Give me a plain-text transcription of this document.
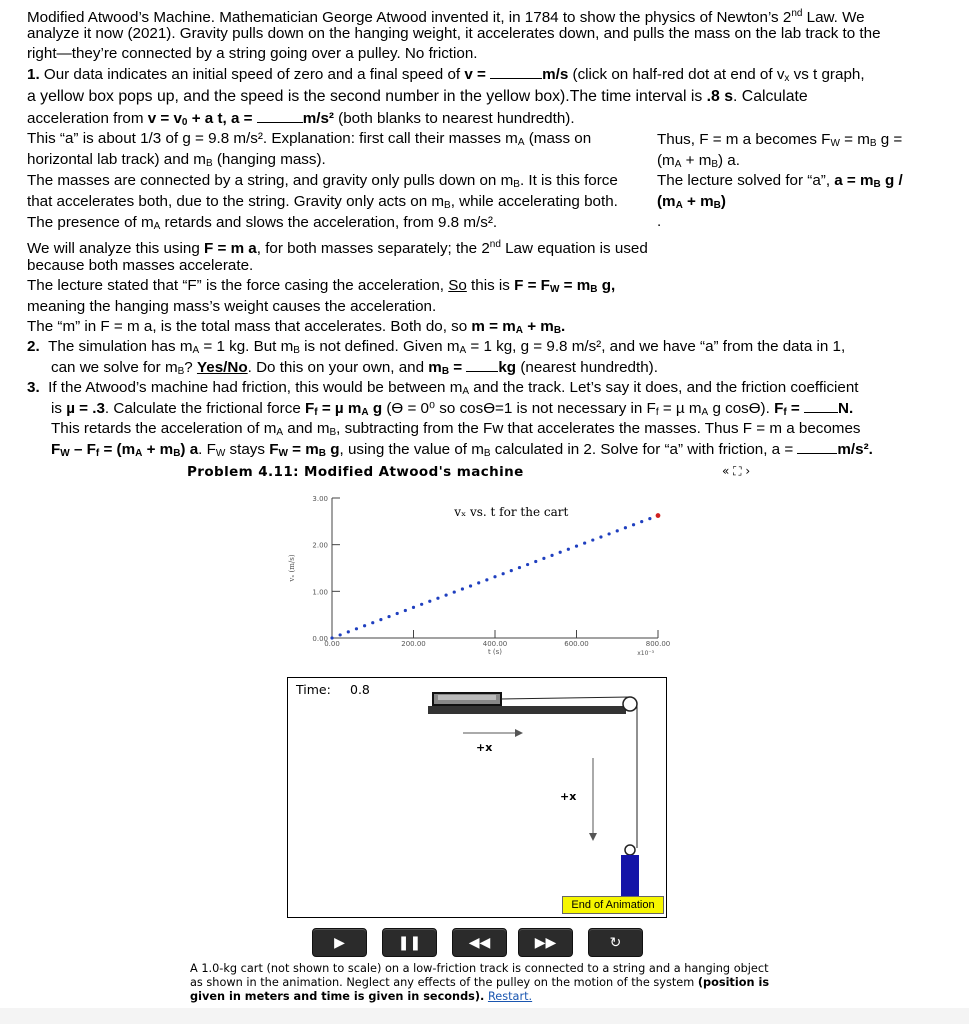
Modified Atwood’s Machine. Mathematician George Atwood invented it, in 1784 to show the physics of Newton’s 2nd Law. We
analyze it now (2021). Gravity pulls down on the hanging weight, it accelerates down, and pulls the mass on the lab track to the
right—they’re connected by a string going over a pulley. No friction.
1. Our data indicates an initial speed of zero and a final speed of v =	m/s (click on half-red dot at end of $v_x$ vs t graph,
a yellow box pops up, and the speed is the second number in the yellow box).The time interval is .8 s. Calculate
acceleration from $v = v_0 + a$ t, a =	m/s² (both blanks to nearest hundredth).
This “a” is about 1/3 of g = 9.8 m/s². Explanation: first call their masses $m_A$ (mass on
horizontal lab track) and $m_B$ (hanging mass).
The masses are connected by a string, and gravity only pulls down on $m_B$. It is this force
that accelerates both, due to the string. Gravity only acts on $m_B$, while accelerating both.
The presence of $m_A$ retards and slows the acceleration, from 9.8 m/s².
We will analyze this using F = m a, for both masses separately; the 2nd Law equation is used
because both masses accelerate.
The lecture stated that “F” is the force casing the acceleration, So this is $F = F_W = m_B$ g,
meaning the hanging mass’s weight causes the acceleration.
The “m” in F = m a, is the total mass that accelerates. Both do, so $m = m_A + m_B$.
Thus, F = m a becomes $F_W = m_B$ g =
$(m_A + m_B)$ a.
The lecture solved for “a”, $a = m_B$ g /
$(m_A + m_B)$
.
2. The simulation has $m_A = 1$ kg. But $m_B$ is not defined. Given $m_A = 1$ kg, g = 9.8 m/s², and we have “a” from the data in 1,
can we solve for $m_B$? Yes/No. Do this on your own, and $m_B$ = kg (nearest hundredth).
3. If the Atwood’s machine had friction, this would be between $m_A$ and the track. Let’s say it does, and the friction coefficient
is µ = .3. Calculate the frictional force $F_f = \mu$ $m_A$ g (ϴ = 0⁰ so cosϴ=1 is not necessary in $F_f = \mu$ $m_A$ g cosϴ). $F_f = N$.
This retards the acceleration of $m_A$ and $m_B$, subtracting from the Fw that accelerates the masses. Thus F = m a becomes
$F_W - F_f = (m_A + m_B)$ a. $F_W$ stays $F_W = m_B$ g, using the value of $m_B$ calculated in 2. Solve for “a” with friction, a =	m/s².
Problem 4.11: Modified Atwood's machine	« ⛶ ›
0.00
1.00
2.00
3.00
0.00	200.00	400.00	600.00	800.00
t (s)	x10⁻³
vₓ (m/s)
vₓ vs. t for the cart
+x
+x
Time: 0.8
End of Animation
▶	❚❚	◀◀	▶▶	↻
A 1.0-kg cart (not shown to scale) on a low-friction track is connected to a string and a hanging object as shown in the animation. Neglect any effects of the pulley on the motion of the system (position is given in meters and time is given in seconds). Restart.
